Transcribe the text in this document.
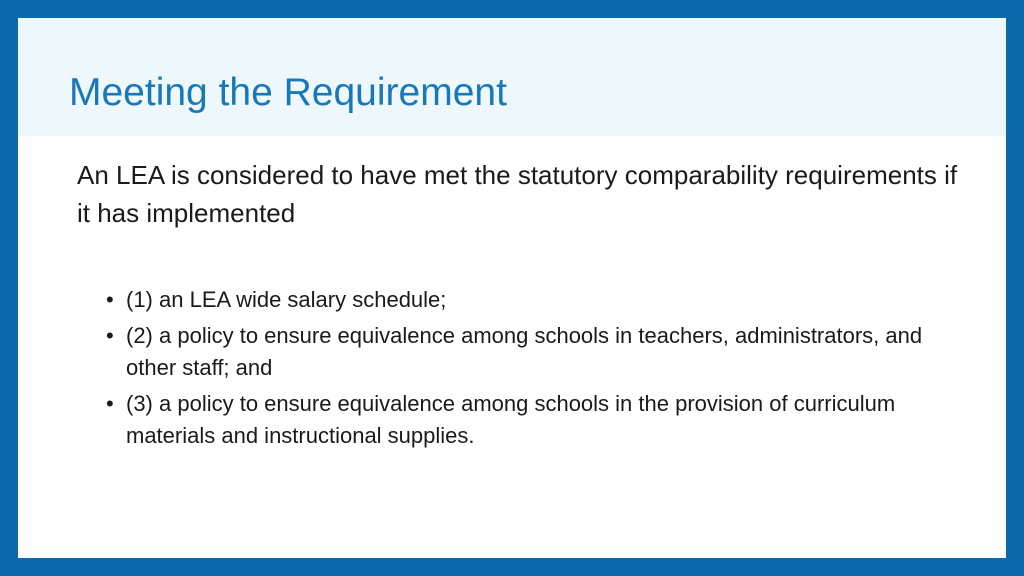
Meeting the Requirement

An LEA is considered to have met the statutory comparability requirements if it has implemented

• (1) an LEA wide salary schedule;
• (2) a policy to ensure equivalence among schools in teachers, administrators, and other staff; and
• (3) a policy to ensure equivalence among schools in the provision of curriculum materials and instructional supplies.
